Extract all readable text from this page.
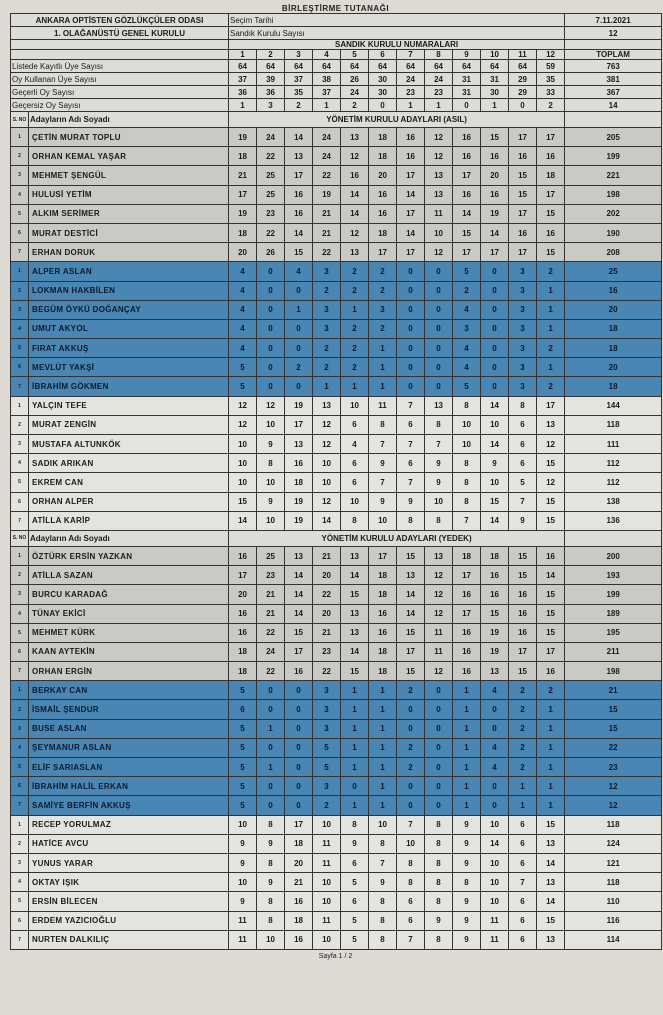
BİRLEŞTİRME TUTANAĞI
ANKARA OPTİSTEN GÖZLÜKÇÜLER ODASI		Seçim Tarihi												7.11.2021
1. OLAĞANÜSTÜ GENEL KURULU		Sandık Kurulu Sayısı												12
		SANDIK KURULU NUMARALARI												
		1	2	3	4	5	6	7	8	9	10	11	12	TOPLAM
Listede Kayıtlı Üye Sayısı		64	64	64	64	64	64	64	64	64	64	64	59	763
Oy Kullanan Üye Sayısı		37	39	37	38	26	30	24	24	31	31	29	35	381
Geçerli Oy Sayısı		36	36	35	37	24	30	23	23	31	30	29	33	367
Geçersiz Oy Sayısı		1	3	2	1	2	0	1	1	0	1	0	2	14
S. NO	Adayların Adı Soyadı	YÖNETİM KURULU ADAYLARI (ASIL)												
1	ÇETİN MURAT TOPLU	19	24	14	24	13	18	16	12	16	15	17	17	205
2	ORHAN KEMAL YAŞAR	18	22	13	24	12	18	16	12	16	16	16	16	199
3	MEHMET ŞENGÜL	21	25	17	22	16	20	17	13	17	20	15	18	221
4	HULUSİ YETİM	17	25	16	19	14	16	14	13	16	16	15	17	198
5	ALKIM SERİMER	19	23	16	21	14	16	17	11	14	19	17	15	202
6	MURAT DESTİCİ	18	22	14	21	12	18	14	10	15	14	16	16	190
7	ERHAN DORUK	20	26	15	22	13	17	17	12	17	17	17	15	208
1	ALPER ASLAN	4	0	4	3	2	2	0	0	5	0	3	2	25
2	LOKMAN HAKBİLEN	4	0	0	2	2	2	0	0	2	0	3	1	16
3	BEGÜM ÖYKÜ DOĞANÇAY	4	0	1	3	1	3	0	0	4	0	3	1	20
4	UMUT AKYOL	4	0	0	3	2	2	0	0	3	0	3	1	18
5	FIRAT AKKUŞ	4	0	0	2	2	1	0	0	4	0	3	2	18
6	MEVLÜT YAKŞİ	5	0	2	2	2	1	0	0	4	0	3	1	20
7	İBRAHİM GÖKMEN	5	0	0	1	1	1	0	0	5	0	3	2	18
1	YALÇIN TEFE	12	12	19	13	10	11	7	13	8	14	8	17	144
2	MURAT ZENGİN	12	10	17	12	6	8	6	8	10	10	6	13	118
3	MUSTAFA ALTUNKÖK	10	9	13	12	4	7	7	7	10	14	6	12	111
4	SADIK ARIKAN	10	8	16	10	6	9	6	9	8	9	6	15	112
5	EKREM CAN	10	10	18	10	6	7	7	9	8	10	5	12	112
6	ORHAN ALPER	15	9	19	12	10	9	9	10	8	15	7	15	138
7	ATİLLA KARİP	14	10	19	14	8	10	8	8	7	14	9	15	136
S. NO	Adayların Adı Soyadı	YÖNETİM KURULU ADAYLARI (YEDEK)												
1	ÖZTÜRK ERSİN YAZKAN	16	25	13	21	13	17	15	13	18	18	15	16	200
2	ATİLLA SAZAN	17	23	14	20	14	18	13	12	17	16	15	14	193
3	BURCU KARADAĞ	20	21	14	22	15	18	14	12	16	16	16	15	199
4	TÜNAY EKİCİ	16	21	14	20	13	16	14	12	17	15	16	15	189
5	MEHMET KÜRK	16	22	15	21	13	16	15	11	16	19	16	15	195
6	KAAN AYTEKİN	18	24	17	23	14	18	17	11	16	19	17	17	211
7	ORHAN ERGİN	18	22	16	22	15	18	15	12	16	13	15	16	198
1	BERKAY CAN	5	0	0	3	1	1	2	0	1	4	2	2	21
2	İSMAİL ŞENDUR	6	0	0	3	1	1	0	0	1	0	2	1	15
3	BUSE ASLAN	5	1	0	3	1	1	0	0	1	0	2	1	15
4	ŞEYMANUR ASLAN	5	0	0	5	1	1	2	0	1	4	2	1	22
5	ELİF SARIASLAN	5	1	0	5	1	1	2	0	1	4	2	1	23
6	İBRAHİM HALİL ERKAN	5	0	0	3	0	1	0	0	1	0	1	1	12
7	SAMİYE BERFİN AKKUŞ	5	0	0	2	1	1	0	0	1	0	1	1	12
1	RECEP YORULMAZ	10	8	17	10	8	10	7	8	9	10	6	15	118
2	HATİCE AVCU	9	9	18	11	9	8	10	8	9	14	6	13	124
3	YUNUS YARAR	9	8	20	11	6	7	8	8	9	10	6	14	121
4	OKTAY IŞIK	10	9	21	10	5	9	8	8	8	10	7	13	118
5	ERSİN BİLECEN	9	8	16	10	6	8	6	8	9	10	6	14	110
6	ERDEM YAZICIOĞLU	11	8	18	11	5	8	6	9	9	11	6	15	116
7	NURTEN DALKILIÇ	11	10	16	10	5	8	7	8	9	11	6	13	114
Sayfa 1 / 2
